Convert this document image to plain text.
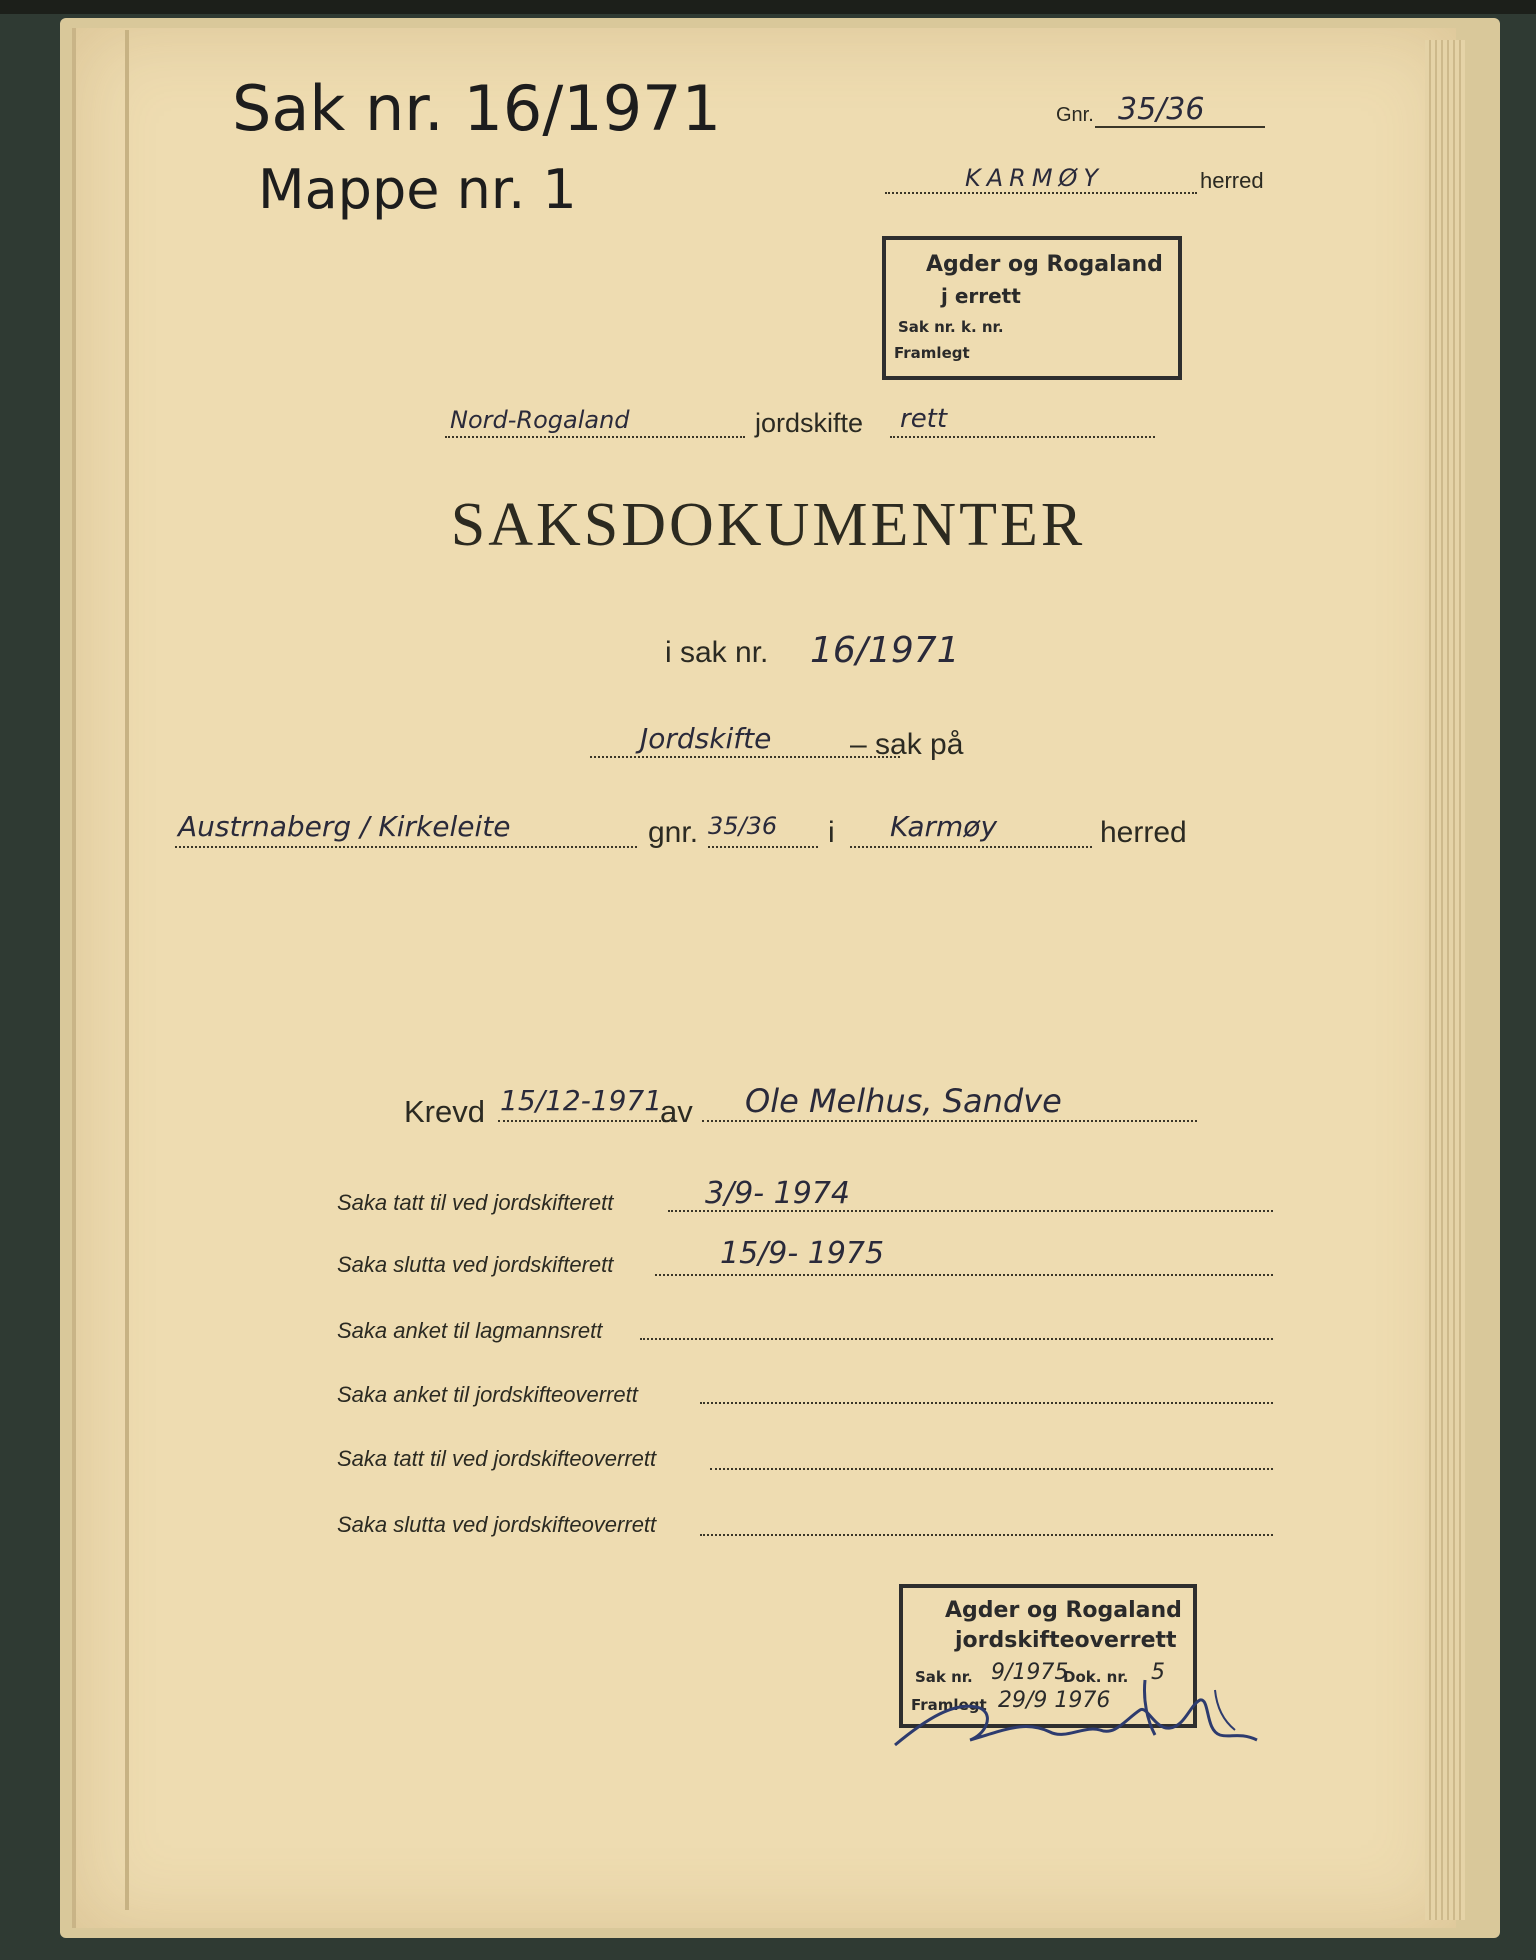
Sak nr. 16/1971
Mappe nr. 1
Gnr. 35/36
KARMØY	herred
Agder og Rogaland
j errett
Sak nr. k. nr.
Framlegt
Nord-Rogaland	jordskifte rett
SAKSDOKUMENTER
i sak nr. 16/1971
Jordskifte	– sak på
Austrnaberg / Kirkeleite	gnr. 35/36 i Karmøy	herred
Krevd 15/12-1971
av Ole Melhus, Sandve
Saka tatt til ved jordskifterett	3/9- 1974
Saka slutta ved jordskifterett	15/9- 1975
Saka anket til lagmannsrett
Saka anket til jordskifteoverrett
Saka tatt til ved jordskifteoverrett
Saka slutta ved jordskifteoverrett
Agder og Rogaland
jordskifteoverrett
Sak nr. 9/1975
Dok. nr. 5
Framlegt 29/9 1976
